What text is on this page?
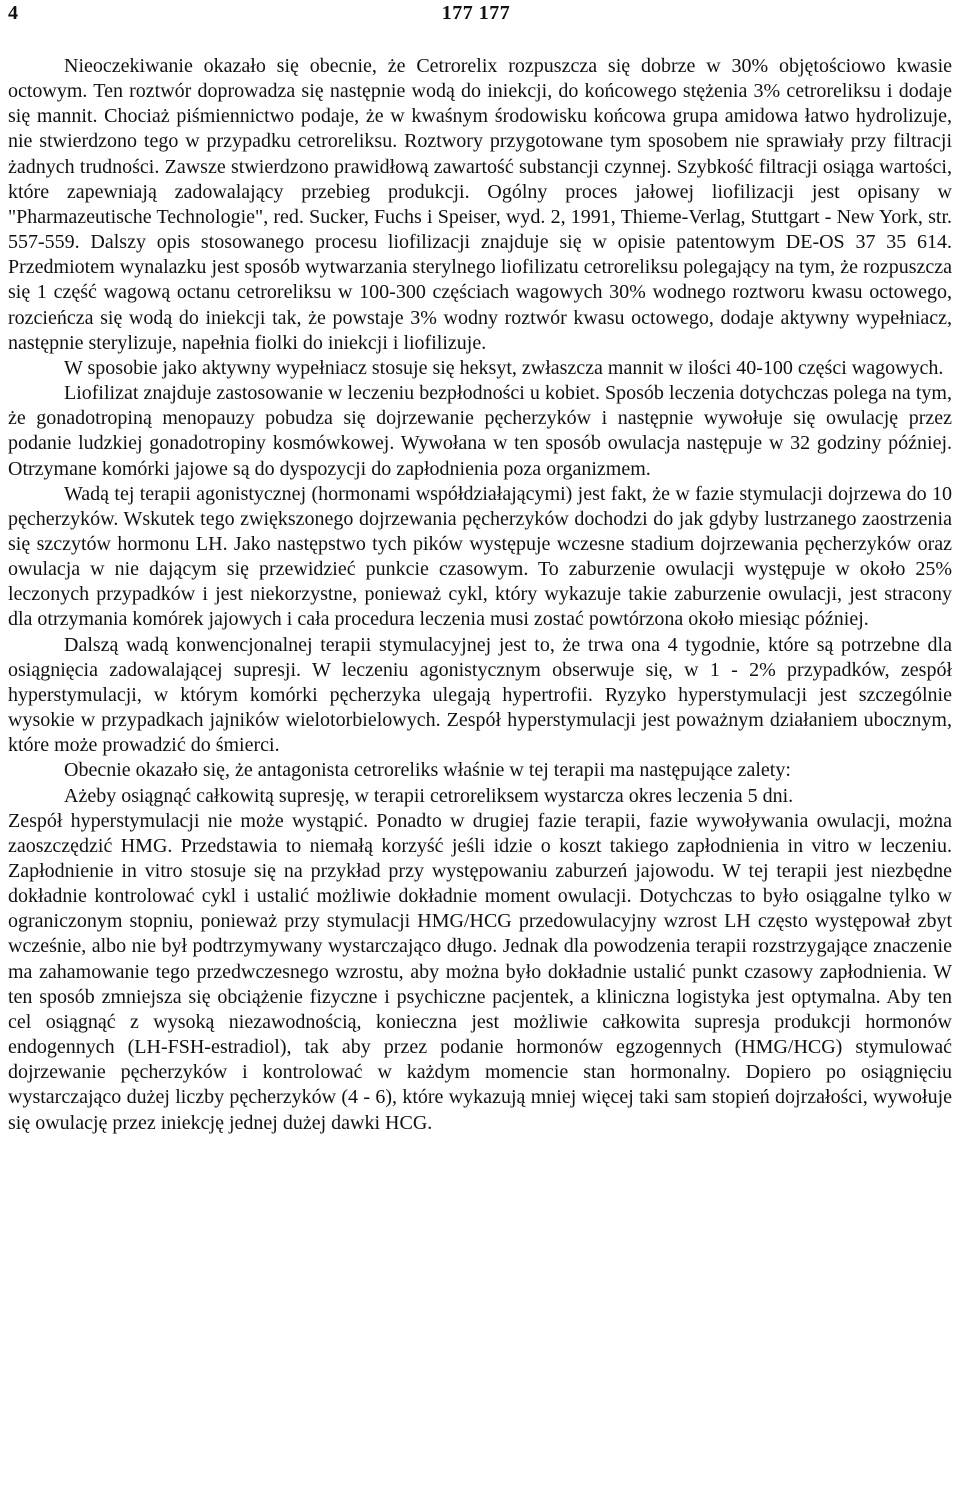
4	177 177

Nieoczekiwanie okazało się obecnie, że Cetrorelix rozpuszcza się dobrze w 30% objętościowo kwasie octowym. Ten roztwór doprowadza się następnie wodą do iniekcji, do końcowego stężenia 3% cetroreliksu i dodaje się mannit. Chociaż piśmiennictwo podaje, że w kwaśnym środowisku końcowa grupa amidowa łatwo hydrolizuje, nie stwierdzono tego w przypadku cetroreliksu. Roztwory przygotowane tym sposobem nie sprawiały przy filtracji żadnych trudności. Zawsze stwierdzono prawidłową zawartość substancji czynnej. Szybkość filtracji osiąga wartości, które zapewniają zadowalający przebieg produkcji. Ogólny proces jałowej liofilizacji jest opisany w "Pharmazeutische Technologie", red. Sucker, Fuchs i Speiser, wyd. 2, 1991, Thieme-Verlag, Stuttgart - New York, str. 557-559. Dalszy opis stosowanego procesu liofilizacji znajduje się w opisie patentowym DE-OS 37 35 614. Przedmiotem wynalazku jest sposób wytwarzania sterylnego liofilizatu cetroreliksu polegający na tym, że rozpuszcza się 1 część wagową octanu cetroreliksu w 100-300 częściach wagowych 30% wodnego roztworu kwasu octowego, rozcieńcza się wodą do iniekcji tak, że powstaje 3% wodny roztwór kwasu octowego, dodaje aktywny wypełniacz, następnie sterylizuje, napełnia fiolki do iniekcji i liofilizuje.

W sposobie jako aktywny wypełniacz stosuje się heksyt, zwłaszcza mannit w ilości 40-100 części wagowych.

Liofilizat znajduje zastosowanie w leczeniu bezpłodności u kobiet. Sposób leczenia dotychczas polega na tym, że gonadotropiną menopauzy pobudza się dojrzewanie pęcherzyków i następnie wywołuje się owulację przez podanie ludzkiej gonadotropiny kosmówkowej. Wywołana w ten sposób owulacja następuje w 32 godziny później. Otrzymane komórki jajowe są do dyspozycji do zapłodnienia poza organizmem.

Wadą tej terapii agonistycznej (hormonami współdziałającymi) jest fakt, że w fazie stymulacji dojrzewa do 10 pęcherzyków. Wskutek tego zwiększonego dojrzewania pęcherzyków dochodzi do jak gdyby lustrzanego zaostrzenia się szczytów hormonu LH. Jako następstwo tych pików występuje wczesne stadium dojrzewania pęcherzyków oraz owulacja w nie dającym się przewidzieć punkcie czasowym. To zaburzenie owulacji występuje w około 25% leczonych przypadków i jest niekorzystne, ponieważ cykl, który wykazuje takie zaburzenie owulacji, jest stracony dla otrzymania komórek jajowych i cała procedura leczenia musi zostać powtórzona około miesiąc później.

Dalszą wadą konwencjonalnej terapii stymulacyjnej jest to, że trwa ona 4 tygodnie, które są potrzebne dla osiągnięcia zadowalającej supresji. W leczeniu agonistycznym obserwuje się, w 1 - 2% przypadków, zespół hyperstymulacji, w którym komórki pęcherzyka ulegają hypertrofii. Ryzyko hyperstymulacji jest szczególnie wysokie w przypadkach jajników wielotorbielowych. Zespół hyperstymulacji jest poważnym działaniem ubocznym, które może prowadzić do śmierci.

Obecnie okazało się, że antagonista cetroreliks właśnie w tej terapii ma następujące zalety:

Ażeby osiągnąć całkowitą supresję, w terapii cetroreliksem wystarcza okres leczenia 5 dni.

Zespół hyperstymulacji nie może wystąpić. Ponadto w drugiej fazie terapii, fazie wywoływania owulacji, można zaoszczędzić HMG. Przedstawia to niemałą korzyść jeśli idzie o koszt takiego zapłodnienia in vitro w leczeniu. Zapłodnienie in vitro stosuje się na przykład przy występowaniu zaburzeń jajowodu. W tej terapii jest niezbędne dokładnie kontrolować cykl i ustalić możliwie dokładnie moment owulacji. Dotychczas to było osiągalne tylko w ograniczonym stopniu, ponieważ przy stymulacji HMG/HCG przedowulacyjny wzrost LH często występował zbyt wcześnie, albo nie był podtrzymywany wystarczająco długo. Jednak dla powodzenia terapii rozstrzygające znaczenie ma zahamowanie tego przedwczesnego wzrostu, aby można było dokładnie ustalić punkt czasowy zapłodnienia. W ten sposób zmniejsza się obciążenie fizyczne i psychiczne pacjentek, a kliniczna logistyka jest optymalna. Aby ten cel osiągnąć z wysoką niezawodnością, konieczna jest możliwie całkowita supresja produkcji hormonów endogennych (LH-FSH-estradiol), tak aby przez podanie hormonów egzogennych (HMG/HCG) stymulować dojrzewanie pęcherzyków i kontrolować w każdym momencie stan hormonalny. Dopiero po osiągnięciu wystarczająco dużej liczby pęcherzyków (4 - 6), które wykazują mniej więcej taki sam stopień dojrzałości, wywołuje się owulację przez iniekcję jednej dużej dawki HCG.
